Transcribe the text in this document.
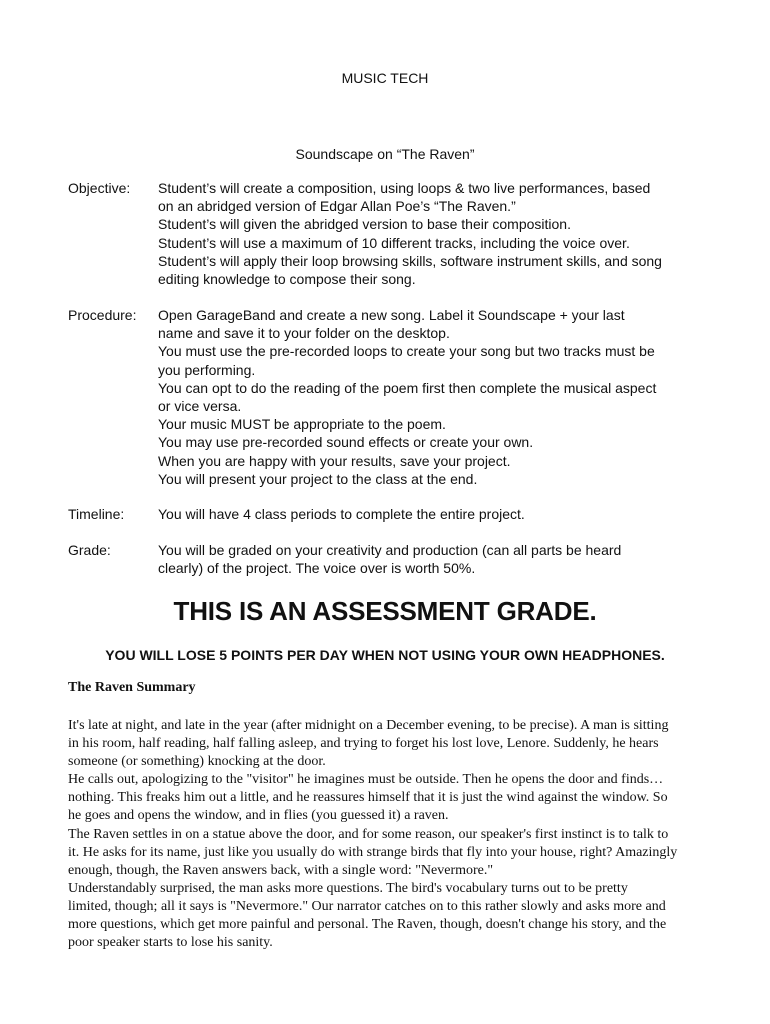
MUSIC TECH
Soundscape on “The Raven”
Objective:	Student’s will create a composition, using loops & two live performances, based
on an abridged version of Edgar Allan Poe’s “The Raven.”
Student’s will given the abridged version to base their composition.
Student’s will use a maximum of 10 different tracks, including the voice over.
Student’s will apply their loop browsing skills, software instrument skills, and song
editing knowledge to compose their song.
Procedure:	Open GarageBand and create a new song. Label it Soundscape + your last
name and save it to your folder on the desktop.
You must use the pre-recorded loops to create your song but two tracks must be
you performing.
You can opt to do the reading of the poem first then complete the musical aspect
or vice versa.
Your music MUST be appropriate to the poem.
You may use pre-recorded sound effects or create your own.
When you are happy with your results, save your project.
You will present your project to the class at the end.
Timeline:	You will have 4 class periods to complete the entire project.
Grade:	You will be graded on your creativity and production (can all parts be heard
clearly) of the project. The voice over is worth 50%.
THIS IS AN ASSESSMENT GRADE.
YOU WILL LOSE 5 POINTS PER DAY WHEN NOT USING YOUR OWN HEADPHONES.
The Raven Summary
It's late at night, and late in the year (after midnight on a December evening, to be precise). A man is sitting
in his room, half reading, half falling asleep, and trying to forget his lost love, Lenore. Suddenly, he hears
someone (or something) knocking at the door.
He calls out, apologizing to the "visitor" he imagines must be outside. Then he opens the door and finds…
nothing. This freaks him out a little, and he reassures himself that it is just the wind against the window. So
he goes and opens the window, and in flies (you guessed it) a raven.
The Raven settles in on a statue above the door, and for some reason, our speaker's first instinct is to talk to
it. He asks for its name, just like you usually do with strange birds that fly into your house, right? Amazingly
enough, though, the Raven answers back, with a single word: "Nevermore."
Understandably surprised, the man asks more questions. The bird's vocabulary turns out to be pretty
limited, though; all it says is "Nevermore." Our narrator catches on to this rather slowly and asks more and
more questions, which get more painful and personal. The Raven, though, doesn't change his story, and the
poor speaker starts to lose his sanity.
